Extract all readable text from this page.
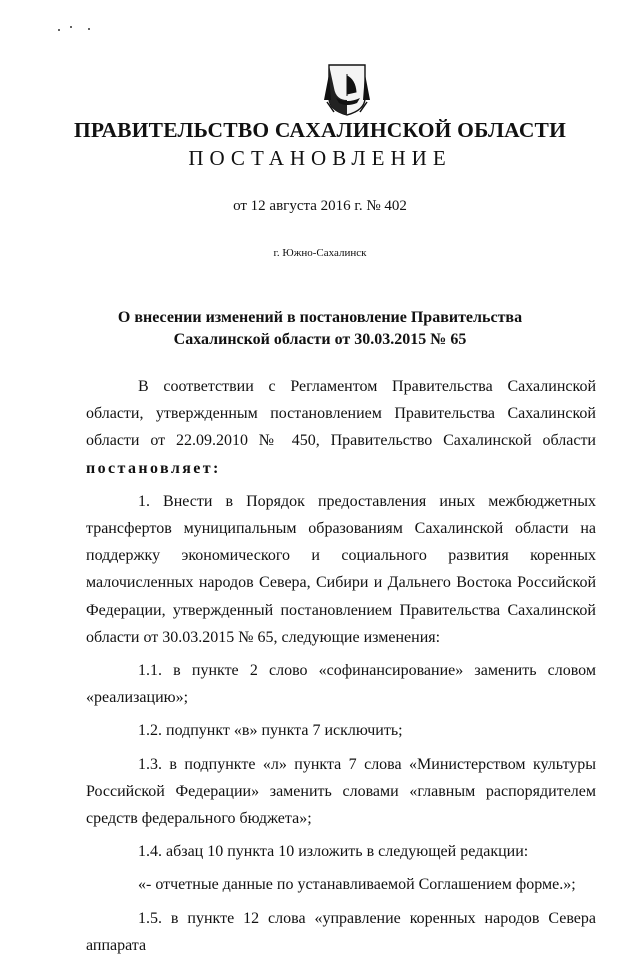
ПРАВИТЕЛЬСТВО САХАЛИНСКОЙ ОБЛАСТИ
ПОСТАНОВЛЕНИЕ
от 12 августа 2016 г. № 402
г. Южно-Сахалинск
О внесении изменений в постановление Правительства
Сахалинской области от 30.03.2015 № 65

В соответствии с Регламентом Правительства Сахалинской области, утвержденным постановлением Правительства Сахалинской области от 22.09.2010 № 450, Правительство Сахалинской области постановляет:

1. Внести в Порядок предоставления иных межбюджетных трансфертов муниципальным образованиям Сахалинской области на поддержку экономического и социального развития коренных малочисленных народов Севера, Сибири и Дальнего Востока Российской Федерации, утвержденный постановлением Правительства Сахалинской области от 30.03.2015 № 65, следующие изменения:

1.1. в пункте 2 слово «софинансирование» заменить словом «реализацию»;

1.2. подпункт «в» пункта 7 исключить;

1.3. в подпункте «л» пункта 7 слова «Министерством культуры Российской Федерации» заменить словами «главным распорядителем средств федерального бюджета»;

1.4. абзац 10 пункта 10 изложить в следующей редакции:

«- отчетные данные по устанавливаемой Соглашением форме.»;

1.5. в пункте 12 слова «управление коренных народов Севера аппарата
